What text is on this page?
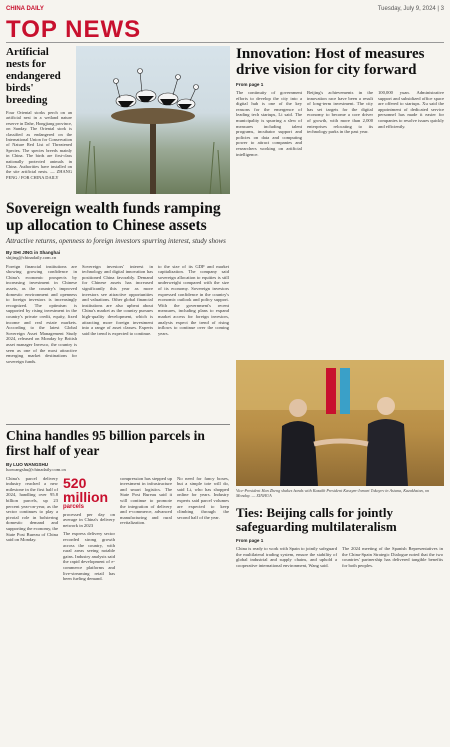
CHINA DAILY	Tuesday, July 9, 2024 | 3
TOP NEWS
Artificial nests for endangered birds' breeding
Four Oriental storks perch on an artificial nest in a wetland nature reserve in Dahe, Hongjiang province, on Sunday. The Oriental stork is classified as endangered on the International Union for Conservation of Nature Red List of Threatened Species. The species breeds mainly in China. The birds are first-class nationally protected animals in China. Authorities have installed on the site artificial nests. — ZHANG PENG / FOR CHINA DAILY
Innovation: Host of measures drive vision for city forward
From page 1
The continuity of government efforts to develop the city into a digital hub is one of the key reasons for the emergence of leading tech startups, Li said. The municipality is spurring a slew of measures including talent programs, incubator support and policies on data and computing power to attract companies and researchers working on artificial intelligence.
Beijing's achievements in the innovation race have been a result of long-term investment. The city has set targets for the digital economy to become a core driver of growth, with more than 2,000 enterprises relocating to its technology parks in the past year.
100,000 yuan. Administrative support and subsidized office space are offered to startups. Xu said the appointment of dedicated service personnel has made it easier for companies to resolve issues quickly and efficiently.
Sovereign wealth funds ramping up allocation to Chinese assets
Attractive returns, openness to foreign investors spurring interest, study shows
By SHI JING in Shanghai
shijing@chinadaily.com.cn
Foreign financial institutions are showing growing confidence in China's economic prospects by increasing investment in Chinese assets, as the country's improved domestic environment and openness to foreign investors is increasingly recognized. The optimism is supported by rising investment in the country's private credit, equity, fixed income and real estate markets. According to the latest Global Sovereign Asset Management Study 2024, released on Monday by British asset manager Invesco, the country is seen as one of the most attractive emerging market destinations for sovereign funds.
Sovereign investors' interest in technology and digital innovation has positioned China favorably. Demand for Chinese assets has increased significantly this year as more investors see attractive opportunities and valuations. Other global financial institutions are also upbeat about China's market as the country pursues high-quality development, which is attracting more foreign investment into a range of asset classes. Experts said the trend is expected to continue.
to the size of its GDP and market capitalization. The company said sovereign allocation to equities is still underweight compared with the size of its economy. Sovereign investors expressed confidence in the country's economic outlook and policy support. With the government's recent measures, including plans to expand market access for foreign investors, analysts expect the trend of rising inflows to continue over the coming years.
China handles 95 billion parcels in first half of year
By LUO WANGSHU
luowangshu@chinadaily.com.cn
China's parcel delivery industry reached a new milestone in the first half of 2024, handling over 95.8 billion parcels, up 23 percent year-on-year, as the sector continues to play a pivotal role in bolstering domestic demand and supporting the economy, the State Post Bureau of China said on Monday.
520 million
parcels
processed per day on average in China's delivery network in 2023
The express delivery sector recorded strong growth across the country, with rural areas seeing notable gains. Industry analysts said the rapid development of e-commerce platforms and live-streaming retail has been fueling demand.
compression has stepped up investment in infrastructure and smart logistics. The State Post Bureau said it will continue to promote the integration of delivery and e-commerce, advanced manufacturing and rural revitalization.
No need for fancy boxes, but a simple tote will do, said Li, who has shopped online for years. Industry experts said parcel volumes are expected to keep climbing through the second half of the year.
Vice-President Han Zheng shakes hands with Kazakh President Kassym-Jomart Tokayev in Astana, Kazakhstan, on Monday. — XINHUA
Ties: Beijing calls for jointly safeguarding multilateralism
From page 1
China is ready to work with Spain to jointly safeguard the multilateral trading system, ensure the stability of global industrial and supply chains, and uphold a cooperative international environment, Wang said.
The 2024 meeting of the Spanish Representatives in the China-Spain Strategic Dialogue noted that the two countries' partnership has delivered tangible benefits for both peoples.
